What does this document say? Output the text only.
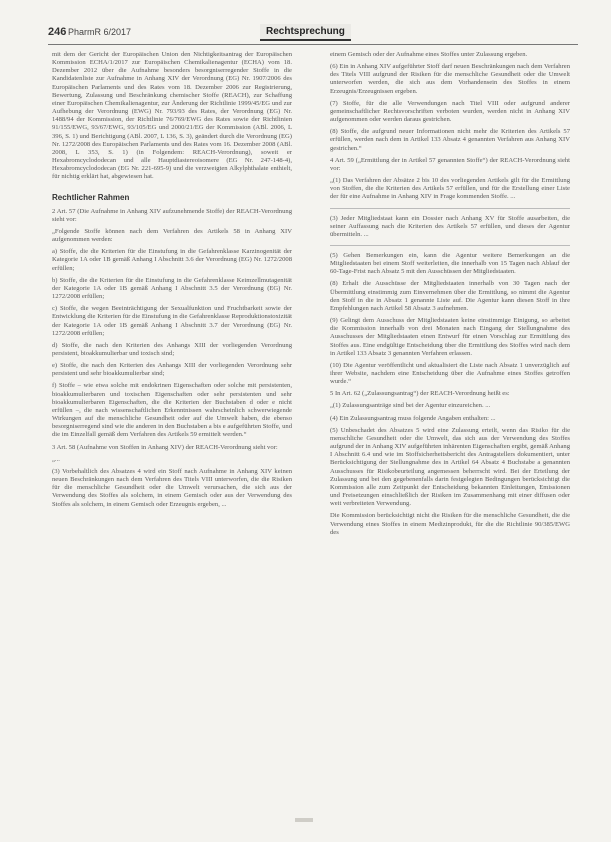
246 PharmR 6/2017	Rechtsprechung

mit dem der Gericht der Europäischen Union den Nichtigkeitsantrag der Europäischen Kommission ECHA/1/2017 zur Europäischen Chemikalienagentur (ECHA) vom 18. Dezember 2012 über die Aufnahme besonders besorgniserregender Stoffe in die Kandidatenliste zur Aufnahme in Anhang XIV der Verordnung (EG) Nr. 1907/2006 des Europäischen Parlaments und des Rates vom 18. Dezember 2006 zur Registrierung, Bewertung, Zulassung und Beschränkung chemischer Stoffe (REACH), zur Schaffung einer Europäischen Chemikalienagentur, zur Änderung der Richtlinie 1999/45/EG und zur Aufhebung der Verordnung (EWG) Nr. 793/93 des Rates, der Verordnung (EG) Nr. 1488/94 der Kommission, der Richtlinie 76/769/EWG des Rates sowie der Richtlinien 91/155/EWG, 93/67/EWG, 93/105/EG und 2000/21/EG der Kommission (ABl. 2006, L 396, S. 1) und Berichtigung (ABl. 2007, L 136, S. 3), geändert durch die Verordnung (EG) Nr. 1272/2008 des Europäischen Parlaments und des Rates vom 16. Dezember 2008 (ABl. 2008, L 353, S. 1) (in Folgendem: REACH-Verordnung), soweit er Hexabromcyclododecan und alle Hauptdiastereoisomere (EG Nr. 247-148-4), Hexabromcyclododecan (EG Nr. 221-695-9) und die verzweigten Alkylphthalate enthielt, für nichtig erklärt hat, abgewiesen hat.

Rechtlicher Rahmen

2 Art. 57 (Die Aufnahme in Anhang XIV aufzunehmende Stoffe) der REACH-Verordnung sieht vor:

„Folgende Stoffe können nach dem Verfahren des Artikels 58 in Anhang XIV aufgenommen werden:

a) Stoffe, die die Kriterien für die Einstufung in die Gefahrenklasse Karzinogenität der Kategorie 1A oder 1B gemäß Anhang I Abschnitt 3.6 der Verordnung (EG) Nr. 1272/2008 erfüllen;

b) Stoffe, die die Kriterien für die Einstufung in die Gefahrenklasse Keimzellmutagenität der Kategorie 1A oder 1B gemäß Anhang I Abschnitt 3.5 der Verordnung (EG) Nr. 1272/2008 erfüllen;

c) Stoffe, die wegen Beeinträchtigung der Sexualfunktion und Fruchtbarkeit sowie der Entwicklung die Kriterien für die Einstufung in die Gefahrenklasse Reproduktionstoxizität der Kategorie 1A oder 1B gemäß Anhang I Abschnitt 3.7 der Verordnung (EG) Nr. 1272/2008 erfüllen;

d) Stoffe, die nach den Kriterien des Anhangs XIII der vorliegenden Verordnung persistent, bioakkumulierbar und toxisch sind;

e) Stoffe, die nach den Kriterien des Anhangs XIII der vorliegenden Verordnung sehr persistent und sehr bioakkumulierbar sind;

f) Stoffe – wie etwa solche mit endokrinen Eigenschaften oder solche mit persistenten, bioakkumulierbaren und toxischen Eigenschaften oder sehr persistenten und sehr bioakkumulierbaren Eigenschaften, die die Kriterien der Buchstaben d oder e nicht erfüllen –, die nach wissenschaftlichen Erkenntnissen wahrscheinlich schwerwiegende Wirkungen auf die menschliche Gesundheit oder auf die Umwelt haben, die ebenso besorgniserregend sind wie die anderen in den Buchstaben a bis e aufgeführten Stoffe, und die im Einzelfall gemäß dem Verfahren des Artikels 59 ermittelt werden.“

3 Art. 58 (Aufnahme von Stoffen in Anhang XIV) der REACH-Verordnung sieht vor:

„...

(3) Vorbehaltlich des Absatzes 4 wird ein Stoff nach Aufnahme in Anhang XIV keinen neuen Beschränkungen nach dem Verfahren des Titels VIII unterworfen, die die Risiken für die menschliche Gesundheit oder die Umwelt verursachen, die sich aus der Verwendung des Stoffes als solchem, in einem Gemisch oder aus der Verwendung des Stoffes als solchem, in einem Gemisch oder Erzeugnis ergeben, ...

einem Gemisch oder der Aufnahme eines Stoffes unter Zulassung ergeben.

(6) Ein in Anhang XIV aufgeführter Stoff darf neuen Beschränkungen nach dem Verfahren des Titels VIII aufgrund der Risiken für die menschliche Gesundheit oder die Umwelt unterworfen werden, die sich aus dem Vorhandensein des Stoffes in einem Erzeugnis/Erzeugnissen ergeben.

(7) Stoffe, für die alle Verwendungen nach Titel VIII oder aufgrund anderer gemeinschaftlicher Rechtsvorschriften verboten wurden, werden nicht in Anhang XIV aufgenommen oder werden daraus gestrichen.

(8) Stoffe, die aufgrund neuer Informationen nicht mehr die Kriterien des Artikels 57 erfüllen, werden nach dem in Artikel 133 Absatz 4 genannten Verfahren aus Anhang XIV gestrichen.“

4 Art. 59 („Ermittlung der in Artikel 57 genannten Stoffe“) der REACH-Verordnung sieht vor:

„(1) Das Verfahren der Absätze 2 bis 10 des vorliegenden Artikels gilt für die Ermittlung von Stoffen, die die Kriterien des Artikels 57 erfüllen, und für die Erstellung einer Liste der für eine Aufnahme in Anhang XIV in Frage kommenden Stoffe. ...

(3) Jeder Mitgliedstaat kann ein Dossier nach Anhang XV für Stoffe ausarbeiten, die seiner Auffassung nach die Kriterien des Artikels 57 erfüllen, und dieses der Agentur übermitteln. ...

(5) Gehen Bemerkungen ein, kann die Agentur weitere Bemerkungen an die Mitgliedstaaten bei einem Stoff weiterleiten, die innerhalb von 15 Tagen nach Ablauf der 60-Tage-Frist nach Absatz 5 mit den Ausschüssen der Mitgliedstaaten.

(8) Erhalt die Ausschüsse der Mitgliedstaaten innerhalb von 30 Tagen nach der Übermittlung einstimmig zum Einvernehmen über die Ermittlung, so nimmt die Agentur den Stoff in die in Absatz 1 genannte Liste auf. Die Agentur kann diesen Stoff in ihre Empfehlungen nach Artikel 58 Absatz 3 aufnehmen.

(9) Gelingt dem Ausschuss der Mitgliedstaaten keine einstimmige Einigung, so arbeitet die Kommission innerhalb von drei Monaten nach Eingang der Stellungnahme des Ausschusses der Mitgliedstaaten einen Entwurf für einen Vorschlag zur Ermittlung des Stoffes aus. Eine endgültige Entscheidung über die Ermittlung des Stoffes wird nach dem in Artikel 133 Absatz 3 genannten Verfahren erlassen.

(10) Die Agentur veröffentlicht und aktualisiert die Liste nach Absatz 1 unverzüglich auf ihrer Website, nachdem eine Entscheidung über die Aufnahme eines Stoffes getroffen wurde.“

5 In Art. 62 („Zulassungsantrag“) der REACH-Verordnung heißt es:

„(1) Zulassungsanträge sind bei der Agentur einzureichen. ...

(4) Ein Zulassungsantrag muss folgende Angaben enthalten: ...

(5) Unbeschadet des Absatzes 5 wird eine Zulassung erteilt, wenn das Risiko für die menschliche Gesundheit oder die Umwelt, das sich aus der Verwendung des Stoffes aufgrund der in Anhang XIV aufgeführten inhärenten Eigenschaften ergibt, gemäß Anhang I Abschnitt 6.4 und wie im Stoffsicherheitsbericht des Antragstellers dokumentiert, unter Berücksichtigung der Stellungnahme des in Artikel 64 Absatz 4 Buchstabe a genannten Ausschusses für Risikobeurteilung angemessen beherrscht wird. Bei der Erteilung der Zulassung und bei den gegebenenfalls darin festgelegten Bedingungen berücksichtigt die Kommission alle zum Zeitpunkt der Entscheidung bekannten Einleitungen, Emissionen und Freisetzungen einschließlich der Risiken im Zusammenhang mit einer diffusen oder weit verbreiteten Verwendung.

Die Kommission berücksichtigt nicht die Risiken für die menschliche Gesundheit, die die Verwendung eines Stoffes in einem Medizinprodukt, für die die Richtlinie 90/385/EWG des
